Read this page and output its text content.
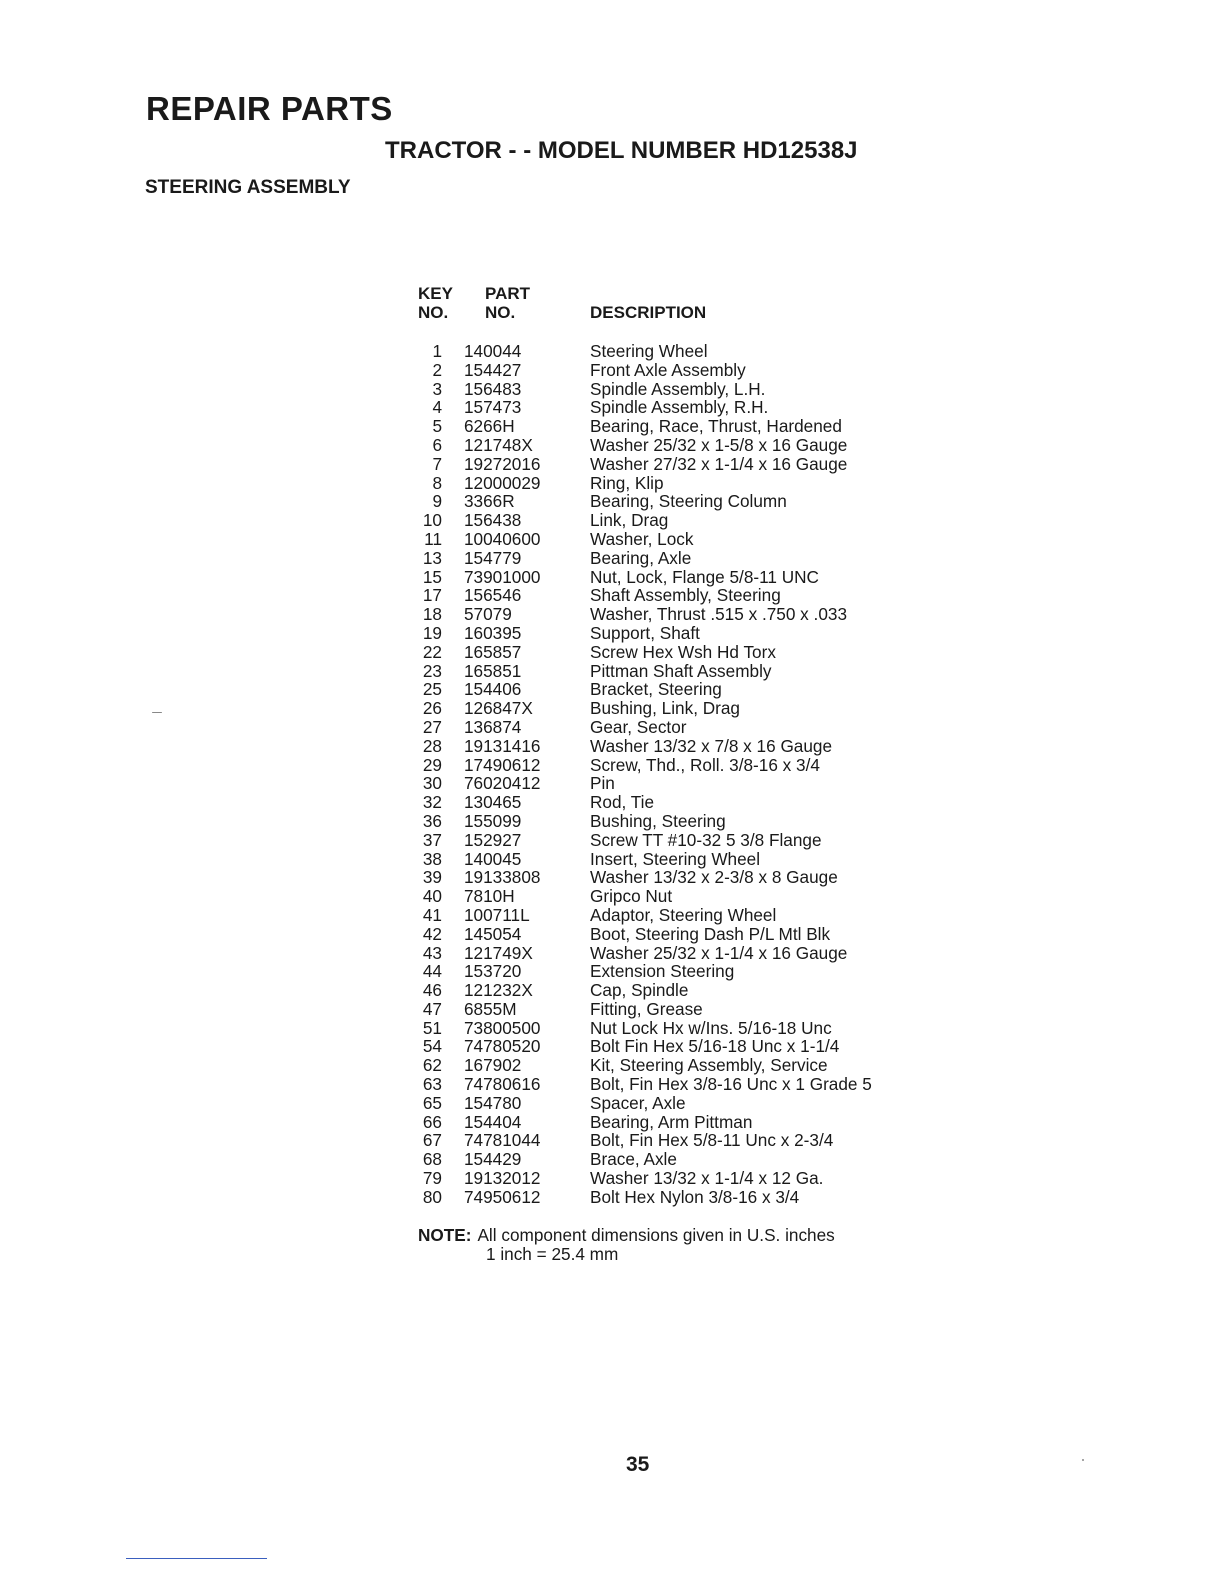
REPAIR PARTS
TRACTOR - - MODEL NUMBER HD12538J
STEERING ASSEMBLY
KEY
NO.
PART
NO.	DESCRIPTION
1 140044	Steering Wheel
2 154427	Front Axle Assembly
3 156483	Spindle Assembly, L.H.
4 157473	Spindle Assembly, R.H.
5 6266H	Bearing, Race, Thrust, Hardened
6 121748X	Washer 25/32 x 1-5/8 x 16 Gauge
7 19272016	Washer 27/32 x 1-1/4 x 16 Gauge
8 12000029	Ring, Klip
9 3366R	Bearing, Steering Column
10 156438	Link, Drag
11 10040600	Washer, Lock
13 154779	Bearing, Axle
15 73901000	Nut, Lock, Flange 5/8-11 UNC
17 156546	Shaft Assembly, Steering
18 57079	Washer, Thrust .515 x .750 x .033
19 160395	Support, Shaft
22 165857	Screw Hex Wsh Hd Torx
23 165851	Pittman Shaft Assembly
25 154406	Bracket, Steering
26 126847X	Bushing, Link, Drag
27 136874	Gear, Sector
28 19131416	Washer 13/32 x 7/8 x 16 Gauge
29 17490612	Screw, Thd., Roll. 3/8-16 x 3/4
30 76020412	Pin
32 130465	Rod, Tie
36 155099	Bushing, Steering
37 152927	Screw TT #10-32 5 3/8 Flange
38 140045	Insert, Steering Wheel
39 19133808	Washer 13/32 x 2-3/8 x 8 Gauge
40 7810H	Gripco Nut
41 100711L	Adaptor, Steering Wheel
42 145054	Boot, Steering Dash P/L Mtl Blk
43 121749X	Washer 25/32 x 1-1/4 x 16 Gauge
44 153720	Extension Steering
46 121232X	Cap, Spindle
47 6855M	Fitting, Grease
51 73800500	Nut Lock Hx w/Ins. 5/16-18 Unc
54 74780520	Bolt Fin Hex 5/16-18 Unc x 1-1/4
62 167902	Kit, Steering Assembly, Service
63 74780616	Bolt, Fin Hex 3/8-16 Unc x 1 Grade 5
65 154780	Spacer, Axle
66 154404	Bearing, Arm Pittman
67 74781044	Bolt, Fin Hex 5/8-11 Unc x 2-3/4
68 154429	Brace, Axle
79 19132012	Washer 13/32 x 1-1/4 x 12 Ga.
80 74950612	Bolt Hex Nylon 3/8-16 x 3/4
NOTE: All component dimensions given in U.S. inches
1 inch = 25.4 mm
35
